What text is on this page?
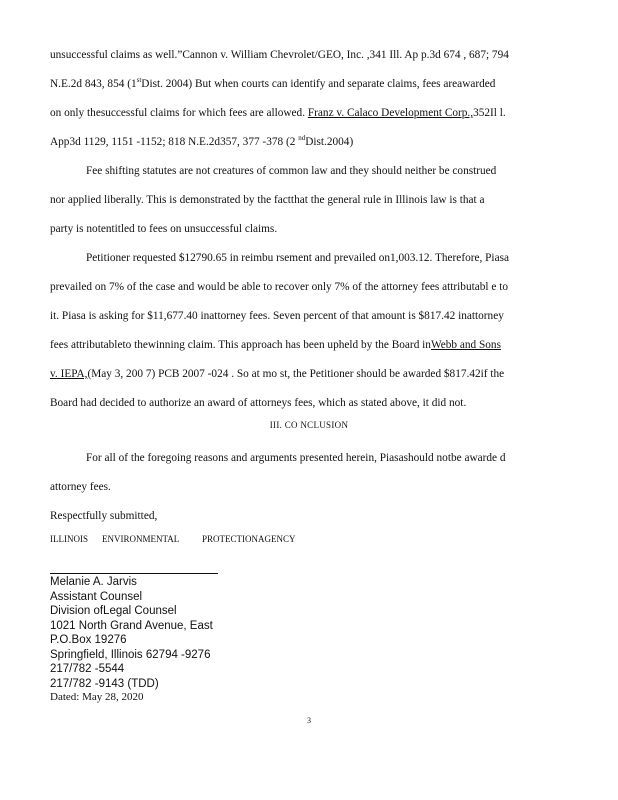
unsuccessful claims as well.”Cannon v. William Chevrolet/GEO, Inc. ,341 Ill. Ap p.3d 674 , 687; 794
N.E.2d 843, 854 (1stDist. 2004) But when courts can identify and separate claims, fees areawarded
on only thesuccessful claims for which fees are allowed. Franz v. Calaco Development Corp.,352Il l.
App3d 1129, 1151 -1152; 818 N.E.2d357, 377 -378 (2 $^{nd}$Dist.2004)
Fee shifting statutes are not creatures of common law and they should neither be construed
nor applied liberally. This is demonstrated by the factthat the general rule in Illinois law is that a
party is notentitled to fees on unsuccessful claims.
Petitioner requested $12790.65 in reimbu rsement and prevailed on1,003.12. Therefore, Piasa
prevailed on 7% of the case and would be able to recover only 7% of the attorney fees attributabl e to
it. Piasa is asking for $11,677.40 inattorney fees. Seven percent of that amount is $817.42 inattorney
fees attributableto thewinning claim. This approach has been upheld by the Board inWebb and Sons
v. IEPA,(May 3, 200 7) PCB 2007 -024 . So at mo st, the Petitioner should be awarded $817.42if the
Board had decided to authorize an award of attorneys fees, which as stated above, it did not.
For all of the foregoing reasons and arguments presented herein, Piasashould notbe awarde d
attorney fees.
Respectfully submitted,
III. CO NCLUSION
ILLINOIS ENVIRONMENTAL	PROTECTIONAGENCY
Melanie A. Jarvis
Assistant Counsel
Division ofLegal Counsel
1021 North Grand Avenue, East
P.O.Box 19276
Springfield, Illinois 62794 -9276
217/782 -5544
217/782 -9143 (TDD)
Dated: May 28, 2020
3
